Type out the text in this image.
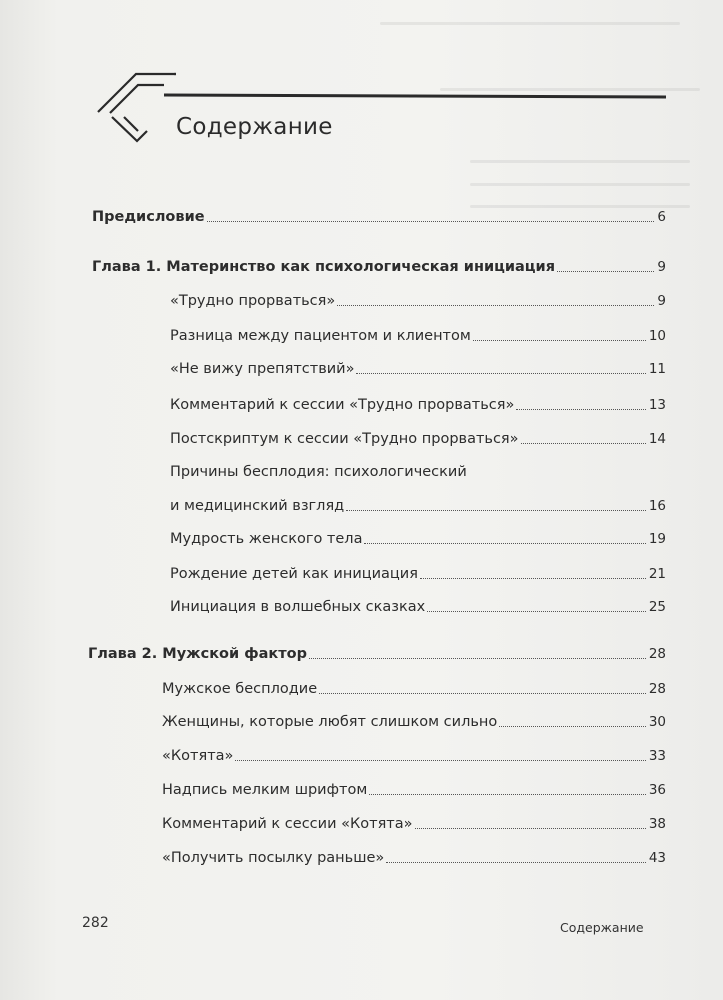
Содержание
Предисловие	6
Глава 1. Материнство как психологическая инициация	9
«Трудно прорваться»	9
Разница между пациентом и клиентом	10
«Не вижу препятствий»	11
Комментарий к сессии «Трудно прорваться»	13
Постскриптум к сессии «Трудно прорваться»	14
Причины бесплодия: психологический
и медицинский взгляд	16
Мудрость женского тела	19
Рождение детей как инициация	21
Инициация в волшебных сказках	25
Глава 2. Мужской фактор	28
Мужское бесплодие	28
Женщины, которые любят слишком сильно	30
«Котята»	33
Надпись мелким шрифтом	36
Комментарий к сессии «Котята»	38
«Получить посылку раньше»	43
282	Содержание
